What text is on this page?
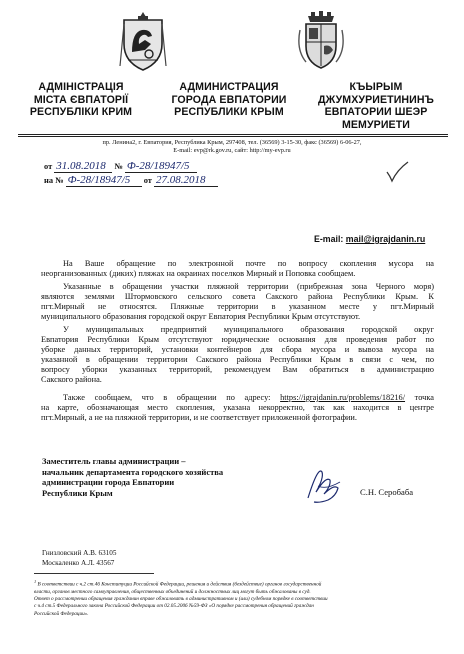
АДМІНІСТРАЦІЯ
МІСТА ЄВПАТОРІЇ
РЕСПУБЛІКИ КРИМ
АДМИНИСТРАЦИЯ
ГОРОДА ЕВПАТОРИИ
РЕСПУБЛИКИ КРЫМ
КЪЫРЫМ
ДЖУМХУРИЕТИНИНЪ
ЕВПАТОРИИ ШЕЭР
МЕМУРИЕТИ
пр. Ленина2, г. Евпатория, Республика Крым, 297408, тел. (36569) 3-15-30, факс (36569) 6-06-27,
E-mail: evp@rk.gov.ru, сайт: http://my-evp.ru
от 31.08.2018 № Ф-28/18947/5
на № Ф-28/18947/5 от 27.08.2018
E-mail: mail@igrajdanin.ru
На Ваше обращение по электронной почте по вопросу скопления мусора на
неорганизованных (диких) пляжах на окраинах поселков Мирный и Поповка сообщаем.
Указанные в обращении участки пляжной территории (прибрежная зона Черного моря)
являются землями Штормовского сельского совета Сакского района Республики Крым. К
пгт.Мирный не относятся. Пляжные территории в указанном месте у пгт.Мирный
муниципального образования городской округ Евпатория Республики Крым отсутствуют.
У муниципальных предприятий муниципального образования городской округ
Евпатория Республики Крым отсутствуют юридические основания для проведения работ по
уборке данных территорий, установки контейнеров для сбора мусора и вывоза мусора на
указанной в обращении территории Сакского района Республики Крым в связи с чем, по
вопросу уборки указанных территорий, рекомендуем Вам обратиться в администрацию
Сакского района.
Также сообщаем, что в обращении по адресу: https://igrajdanin.ru/problems/18216/ точка
на карте, обозначающая место скопления, указана некорректно, так как находится в центре
пгт.Мирный, а не на пляжной территории, и не соответствует приложенной фотографии.
Заместитель главы администрации –
начальник департамента городского хозяйства
администрации города Евпатории
Республики Крым	С.Н. Серобаба
Гнизловский А.В. 63105
Москаленко А.Л. 43567
$^1$ В соответствии с ч.2 ст.46 Конституции Российской Федерации, решения и действия (бездействие) органов государственной
власти, органов местного самоуправления, общественных объединений и должностных лиц могут быть обжалованы в суд.
Ответ о рассмотрении обращения гражданин вправе обжаловать в административном и (или) судебном порядке в соответствии
с ч.4 ст.5 Федерального закона Российской Федерации от 02.05.2006 №59-ФЗ «О порядке рассмотрения обращений граждан
Российской Федерации».
